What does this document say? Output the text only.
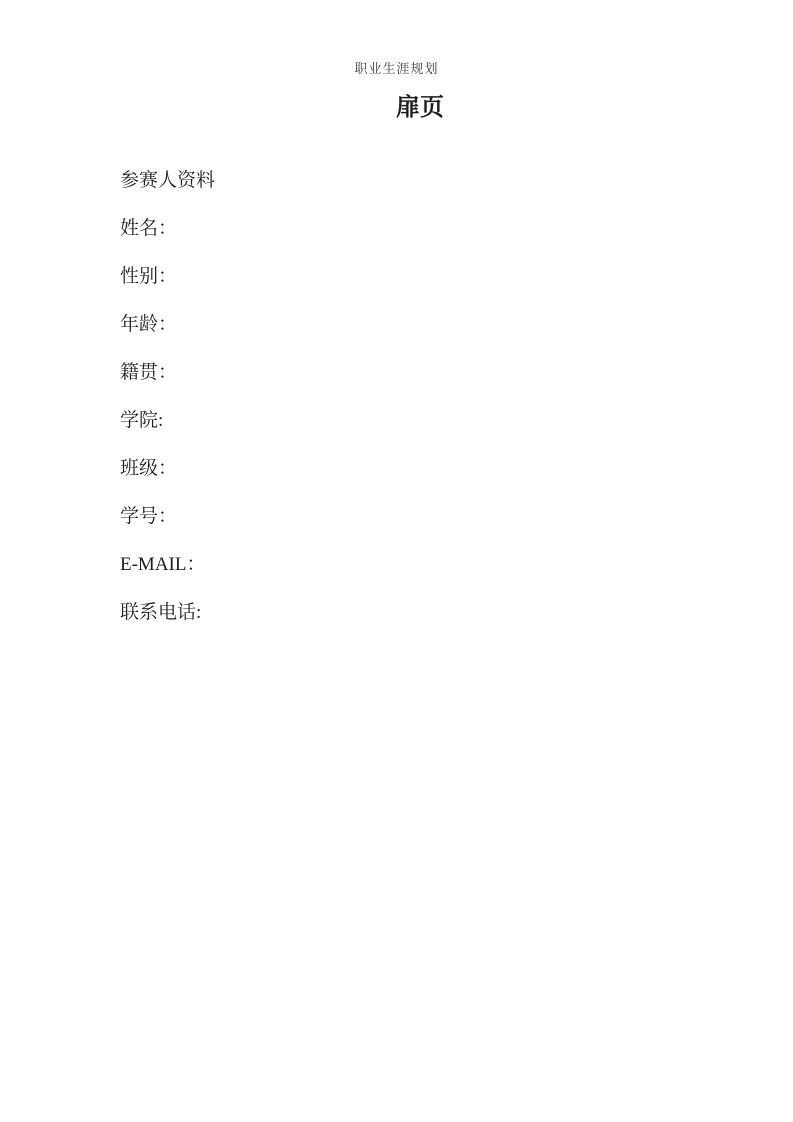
职业生涯规划
扉页
参赛人资料
姓名：
性别：
年龄：
籍贯：
学院:
班级：
学号：
E-MAIL：
联系电话:
